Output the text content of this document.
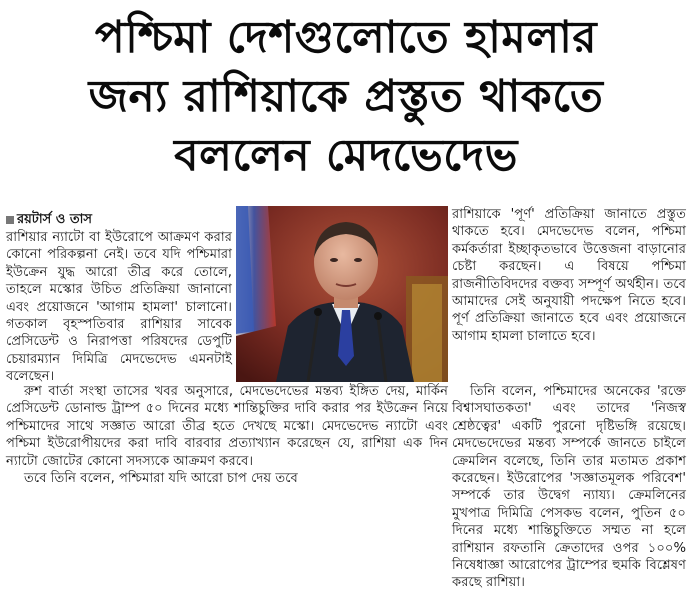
পশ্চিমা দেশগুলোতে হামলার
জন্য রাশিয়াকে প্রস্তুত থাকতে
বললেন মেদভেদেভ
রয়টার্স ও তাস

রাশিয়ার ন্যাটো বা ইউরোপে আক্রমণ করার কোনো পরিকল্পনা নেই। তবে যদি পশ্চিমারা ইউক্রেন যুদ্ধ আরো তীব্র করে তোলে, তাহলে মস্কোর উচিত প্রতিক্রিয়া জানানো এবং প্রয়োজনে 'আগাম হামলা' চালানো। গতকাল বৃহস্পতিবার রাশিয়ার সাবেক প্রেসিডেন্ট ও নিরাপত্তা পরিষদের ডেপুটি চেয়ারম্যান দিমিত্রি মেদভেদেভ এমনটাই বলেছেন।

রাশিয়াকে 'পূর্ণ' প্রতিক্রিয়া জানাতে প্রস্তুত থাকতে হবে। মেদভেদেভ বলেন, পশ্চিমা কর্মকর্তারা ইচ্ছাকৃতভাবে উত্তেজনা বাড়ানোর চেষ্টা করছেন। এ বিষয়ে পশ্চিমা রাজনীতিবিদদের বক্তব্য সম্পূর্ণ অর্থহীন। তবে আমাদের সেই অনুযায়ী পদক্ষেপ নিতে হবে। পূর্ণ প্রতিক্রিয়া জানাতে হবে এবং প্রয়োজনে আগাম হামলা চালাতে হবে।

রুশ বার্তা সংস্থা তাসের খবর অনুসারে, মেদভেদেভের মন্তব্য ইঙ্গিত দেয়, মার্কিন প্রেসিডেন্ট ডোনাল্ড ট্রাম্প ৫০ দিনের মধ্যে শান্তিচুক্তির দাবি করার পর ইউক্রেন নিয়ে পশ্চিমাদের সাথে সজ্ঞাত আরো তীব্র হতে দেখছে মস্কো। মেদভেদেভ ন্যাটো এবং পশ্চিমা ইউরোপীয়দের করা দাবি বারবার প্রত্যাখ্যান করেছেন যে, রাশিয়া এক দিন ন্যাটো জোটের কোনো সদস্যকে আক্রমণ করবে।

তবে তিনি বলেন, পশ্চিমারা যদি আরো চাপ দেয় তবে

তিনি বলেন, পশ্চিমাদের অনেকের 'রক্তে বিশ্বাসঘাতকতা' এবং তাদের 'নিজস্ব শ্রেষ্ঠত্বের' একটি পুরনো দৃষ্টিভঙ্গি রয়েছে। মেদভেদেভের মন্তব্য সম্পর্কে জানতে চাইলে ক্রেমলিন বলেছে, তিনি তার মতামত প্রকাশ করেছেন। ইউরোপের 'সজ্ঞাতমূলক পরিবেশ' সম্পর্কে তার উদ্বেগ ন্যায্য। ক্রেমলিনের মুখপাত্র দিমিত্রি পেসকভ বলেন, পুতিন ৫০ দিনের মধ্যে শান্তিচুক্তিতে সম্মত না হলে রাশিয়ান রফতানি ক্রেতাদের ওপর ১০০% নিষেধাজ্ঞা আরোপের ট্রাম্পের হুমকি বিশ্লেষণ করছে রাশিয়া।
